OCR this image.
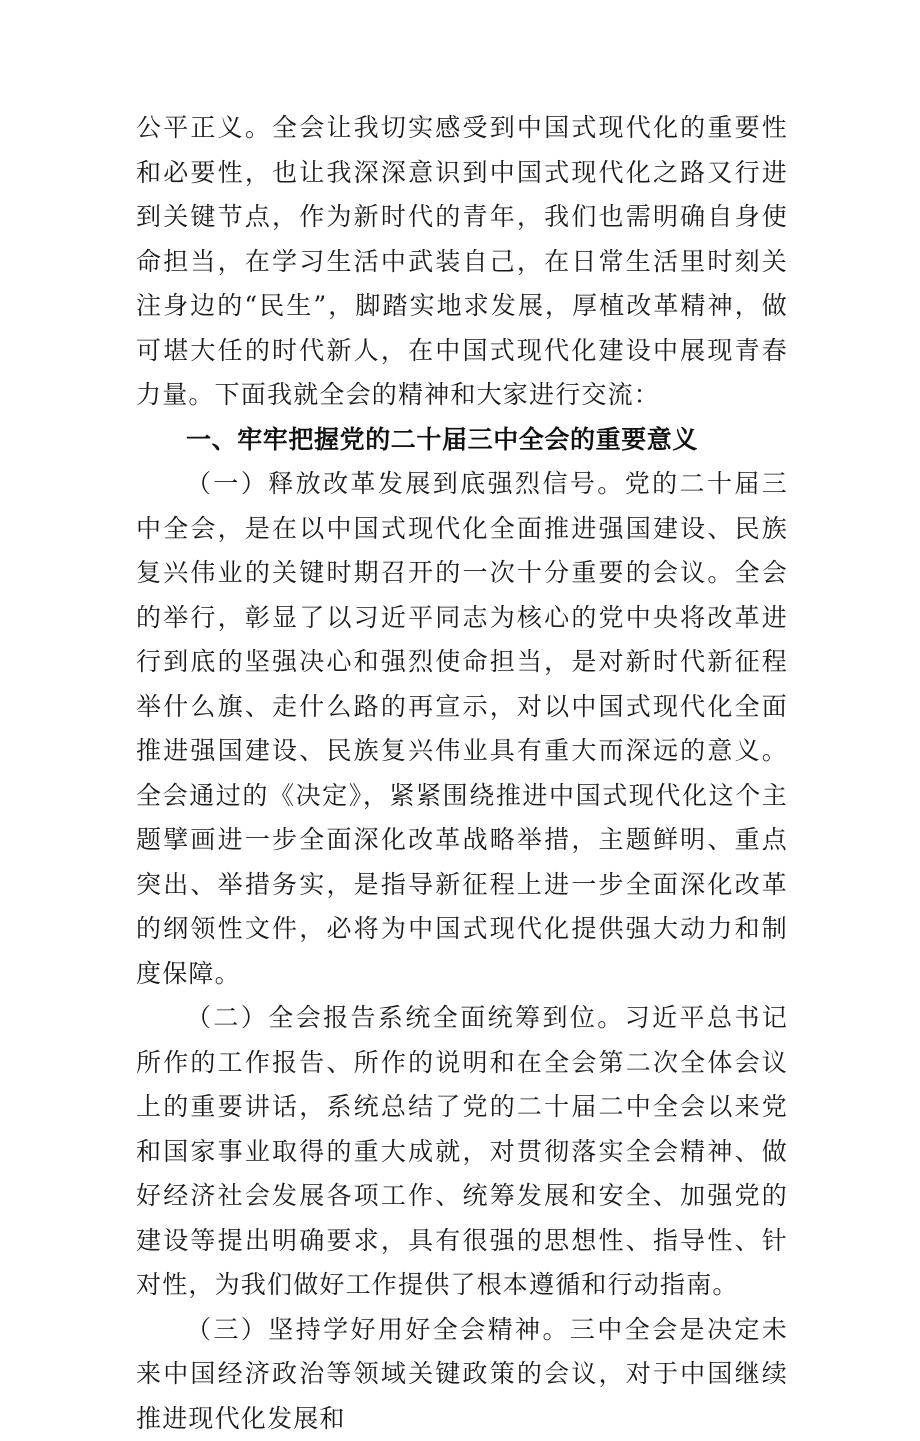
公平正义。全会让我切实感受到中国式现代化的重要性和必要性，也让我深深意识到中国式现代化之路又行进到关键节点，作为新时代的青年，我们也需明确自身使命担当，在学习生活中武装自己，在日常生活里时刻关注身边的“民生”，脚踏实地求发展，厚植改革精神，做可堪大任的时代新人，在中国式现代化建设中展现青春力量。下面我就全会的精神和大家进行交流：

一、牢牢把握党的二十届三中全会的重要意义

（一）释放改革发展到底强烈信号。党的二十届三中全会，是在以中国式现代化全面推进强国建设、民族复兴伟业的关键时期召开的一次十分重要的会议。全会的举行，彰显了以习近平同志为核心的党中央将改革进行到底的坚强决心和强烈使命担当，是对新时代新征程举什么旗、走什么路的再宣示，对以中国式现代化全面推进强国建设、民族复兴伟业具有重大而深远的意义。全会通过的《决定》，紧紧围绕推进中国式现代化这个主题擘画进一步全面深化改革战略举措，主题鲜明、重点突出、举措务实，是指导新征程上进一步全面深化改革的纲领性文件，必将为中国式现代化提供强大动力和制度保障。

（二）全会报告系统全面统筹到位。习近平总书记所作的工作报告、所作的说明和在全会第二次全体会议上的重要讲话，系统总结了党的二十届二中全会以来党和国家事业取得的重大成就，对贯彻落实全会精神、做好经济社会发展各项工作、统筹发展和安全、加强党的建设等提出明确要求，具有很强的思想性、指导性、针对性，为我们做好工作提供了根本遵循和行动指南。

（三）坚持学好用好全会精神。三中全会是决定未来中国经济政治等领域关键政策的会议，对于中国继续推进现代化发展和
